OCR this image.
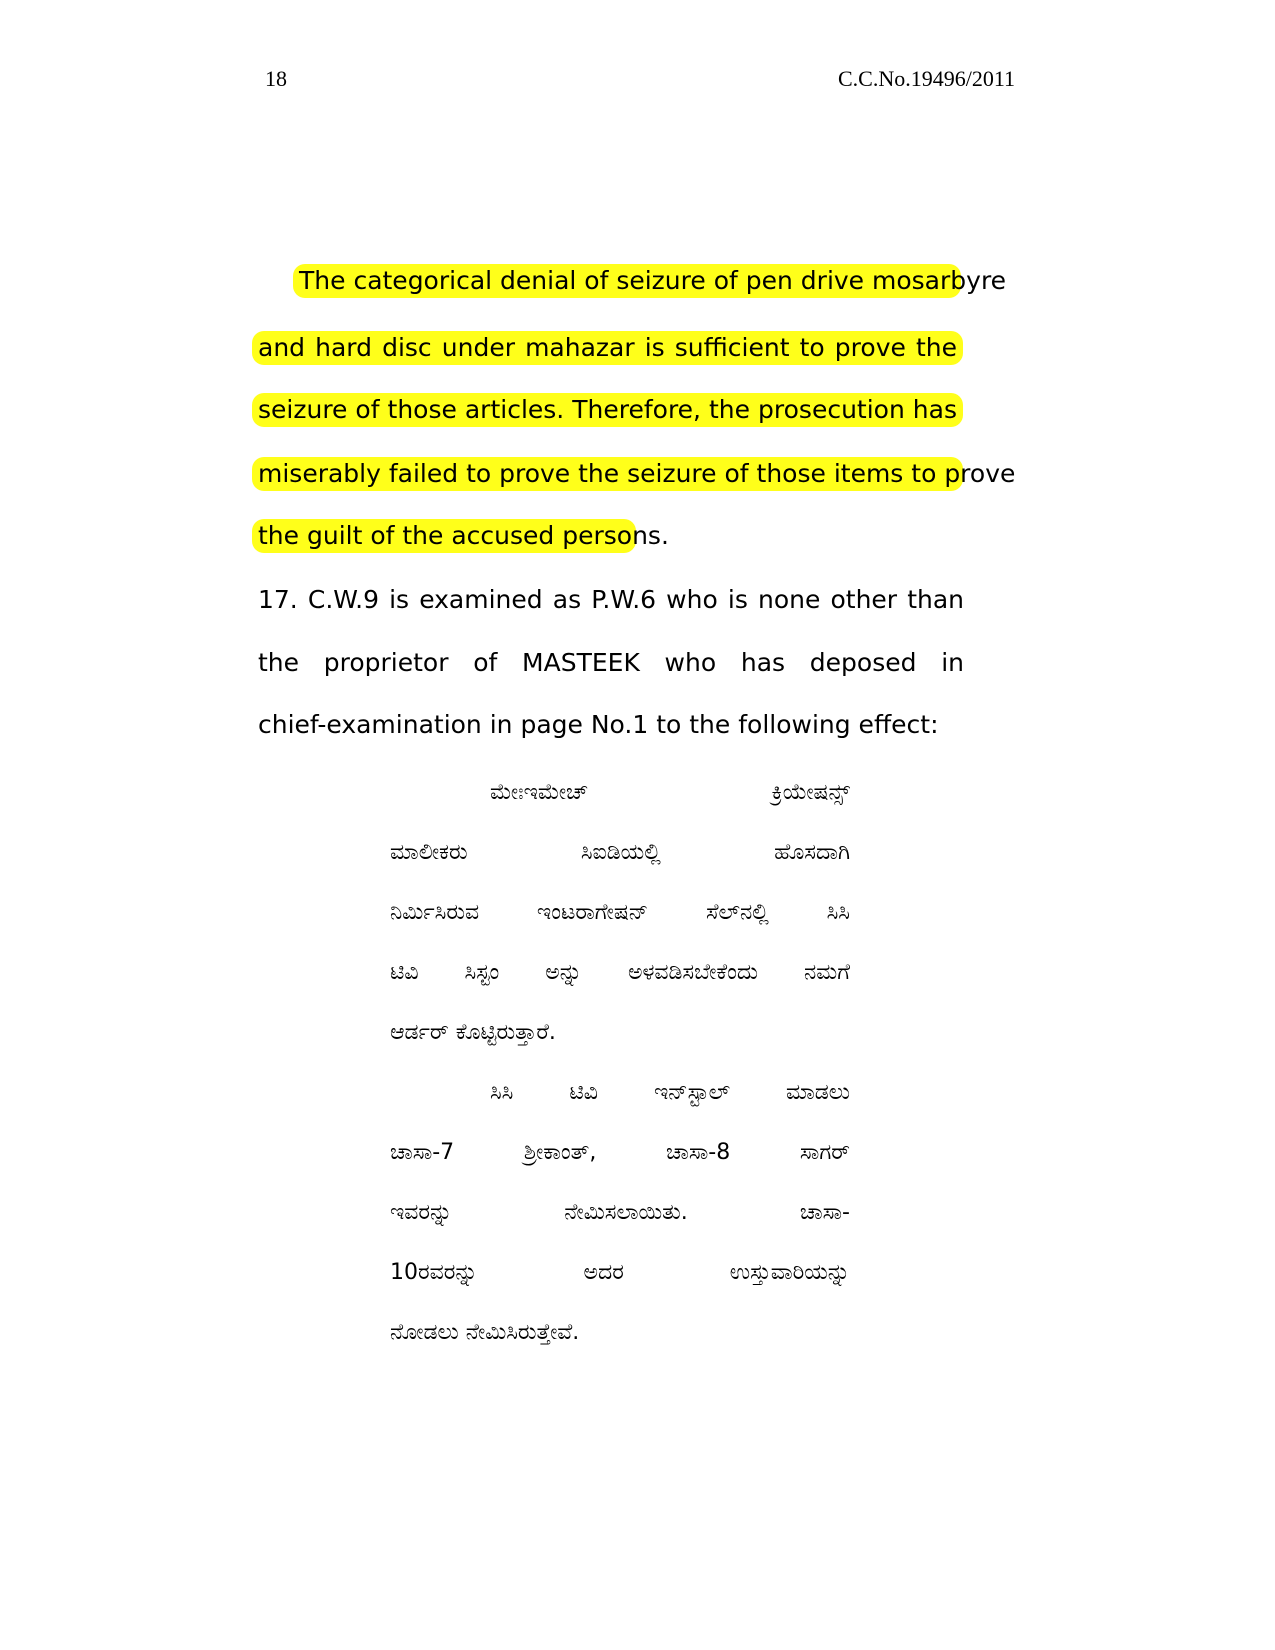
18	C.C.No.19496/2011
The categorical denial of seizure of pen drive mosarbyre
and hard disc under mahazar is sufficient to prove the
seizure of those articles. Therefore, the prosecution has
miserably failed to prove the seizure of those items to prove
the guilt of the accused persons.
17. C.W.9 is examined as P.W.6 who is none other than
the proprietor of MASTEEK who has deposed in
chief-examination in page No.1 to the following effect:
ಮೇಃಇಮೇಚ್ ಕ್ರಿಯೇಷನ್ಸ್
ಮಾಲೀಕರು ಸಿಐಡಿಯಲ್ಲಿ ಹೊಸದಾಗಿ
ನಿರ್ಮಿಸಿರುವ ಇಂಟರಾಗೇಷನ್ ಸೆಲ್‌ನಲ್ಲಿ ಸಿಸಿ
ಟಿವಿ ಸಿಸ್ಟಂ ಅನ್ನು ಅಳವಡಿಸಬೇಕೆಂದು ನಮಗೆ
ಆರ್ಡರ್ ಕೊಟ್ಟಿರುತ್ತಾರೆ.
ಸಿಸಿ ಟಿವಿ ಇನ್‌ಸ್ಟಾಲ್ ಮಾಡಲು
ಚಾಸಾ-7 ಶ್ರೀಕಾಂತ್, ಚಾಸಾ-8 ಸಾಗರ್
ಇವರನ್ನು ನೇಮಿಸಲಾಯಿತು. ಚಾಸಾ-
10ರವರನ್ನು ಅದರ ಉಸ್ತುವಾರಿಯನ್ನು
ನೋಡಲು ನೇಮಿಸಿರುತ್ತೇವೆ.
